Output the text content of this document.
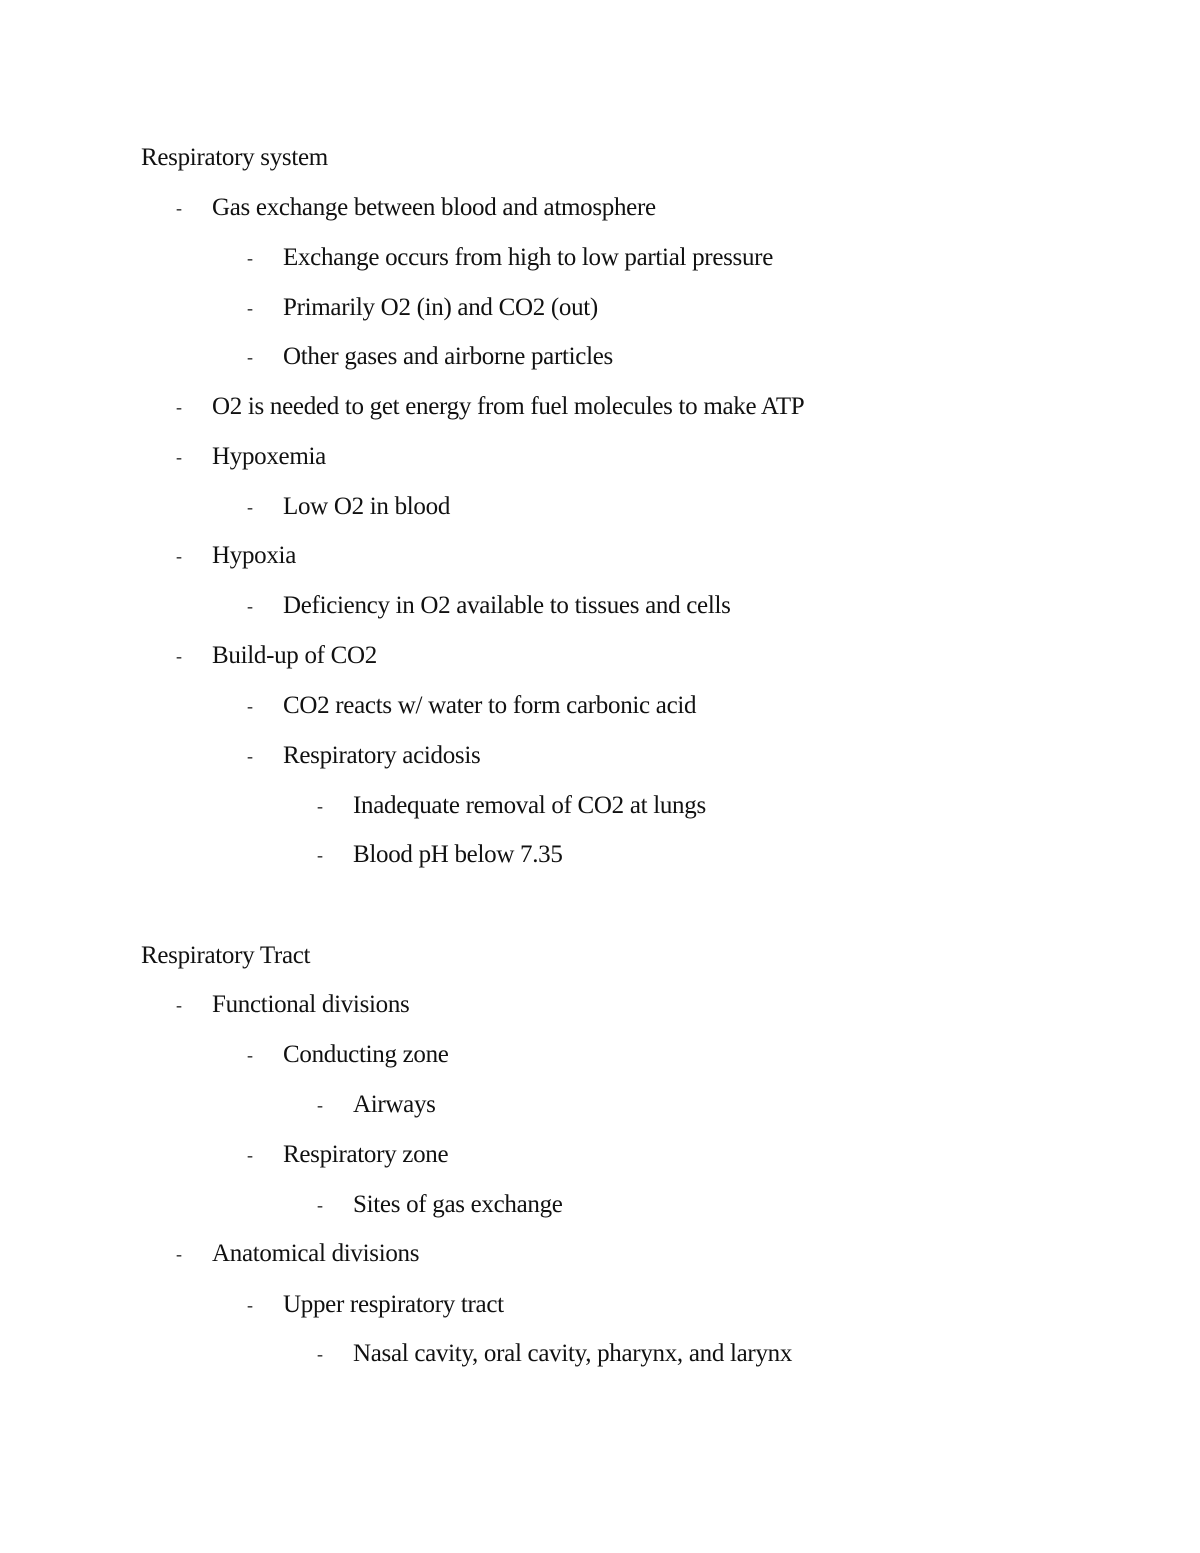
Respiratory system
- Gas exchange between blood and atmosphere
- Exchange occurs from high to low partial pressure
- Primarily O2 (in) and CO2 (out)
- Other gases and airborne particles
- O2 is needed to get energy from fuel molecules to make ATP
- Hypoxemia
- Low O2 in blood
- Hypoxia
- Deficiency in O2 available to tissues and cells
- Build-up of CO2
- CO2 reacts w/ water to form carbonic acid
- Respiratory acidosis
- Inadequate removal of CO2 at lungs
- Blood pH below 7.35
Respiratory Tract
- Functional divisions
- Conducting zone
- Airways
- Respiratory zone
- Sites of gas exchange
- Anatomical divisions
- Upper respiratory tract
- Nasal cavity, oral cavity, pharynx, and larynx
